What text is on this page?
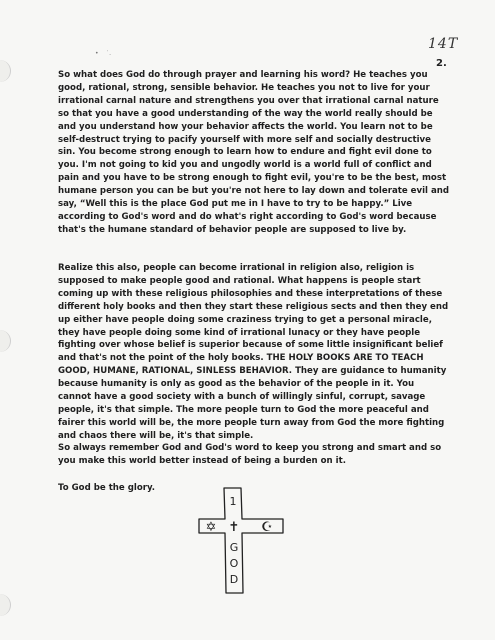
•    ˙.
14T
2.

So what does God do through prayer and learning his word? He teaches you good, rational, strong, sensible behavior. He teaches you not to live for your irrational carnal nature and strengthens you over that irrational carnal nature so that you have a good understanding of the way the world really should be and you understand how your behavior affects the world. You learn not to be self-destruct trying to pacify yourself with more self and socially destructive sin. You become strong enough to learn how to endure and fight evil done to you. I'm not going to kid you and ungodly world is a world full of conflict and pain and you have to be strong enough to fight evil, you're to be the best, most humane person you can be but you're not here to lay down and tolerate evil and say, “Well this is the place God put me in I have to try to be happy.” Live according to God's word and do what's right according to God's word because that's the humane standard of behavior people are supposed to live by.

Realize this also, people can become irrational in religion also, religion is supposed to make people good and rational. What happens is people start coming up with these religious philosophies and these interpretations of these different holy books and then they start these religious sects and then they end up either have people doing some craziness trying to get a personal miracle, they have people doing some kind of irrational lunacy or they have people fighting over whose belief is superior because of some little insignificant belief and that's not the point of the holy books. THE HOLY BOOKS ARE TO TEACH GOOD, HUMANE, RATIONAL, SINLESS BEHAVIOR. They are guidance to humanity because humanity is only as good as the behavior of the people in it. You cannot have a good society with a bunch of willingly sinful, corrupt, savage people, it's that simple. The more people turn to God the more peaceful and fairer this world will be, the more people turn away from God the more fighting and chaos there will be, it's that simple.

So always remember God and God's word to keep you strong and smart and so you make this world better instead of being a burden on it.

To God be the glory.

1
✡ ✝ ☪
G
O
D
